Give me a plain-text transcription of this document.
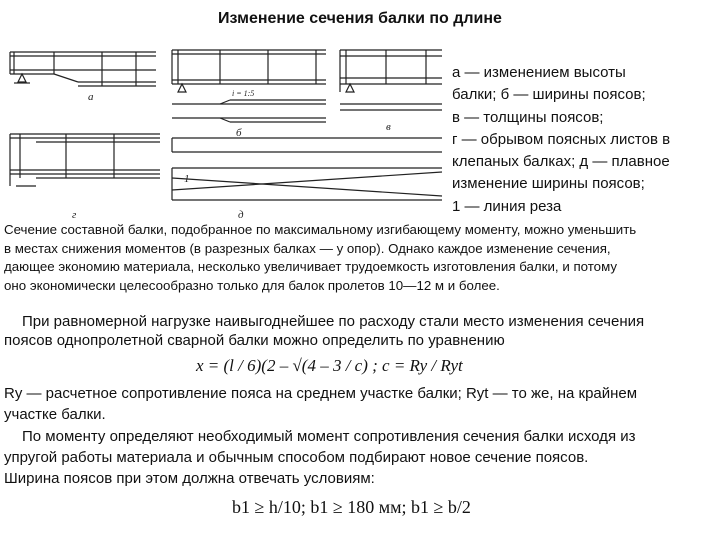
Изменение сечения балки по длине
а
б	в
г	д
1
i = 1:5
а — изменением высоты
балки; б — ширины поясов;
в — толщины поясов;
г — обрывом поясных листов в
клепаных балках; д — плавное
изменение ширины поясов;
1 — линия реза
Сечение составной балки, подобранное по максимальному изгибающему моменту, можно уменьшить
в местах снижения моментов (в разрезных балках — у опор). Однако каждое изменение сечения,
дающее экономию материала, несколько увеличивает трудоемкость изготовления балки, и потому
оно экономически целесообразно только для балок пролетов 10—12 м и более.
При равномерной нагрузке наивыгоднейшее по расходу стали место изменения сечения
поясов однопролетной сварной балки можно определить по уравнению
x = (l / 6)(2 – √(4 – 3 / c) ; c = Ry / Ryt
Ry — расчетное сопротивление пояса на среднем участке балки; Ryt — то же, на крайнем
участке балки.
По моменту определяют необходимый момент сопротивления сечения балки исходя из
упругой работы материала и обычным способом подбирают новое сечение поясов.
Ширина поясов при этом должна отвечать условиям:
b1 ≥ h/10; b1 ≥ 180 мм; b1 ≥ b/2
